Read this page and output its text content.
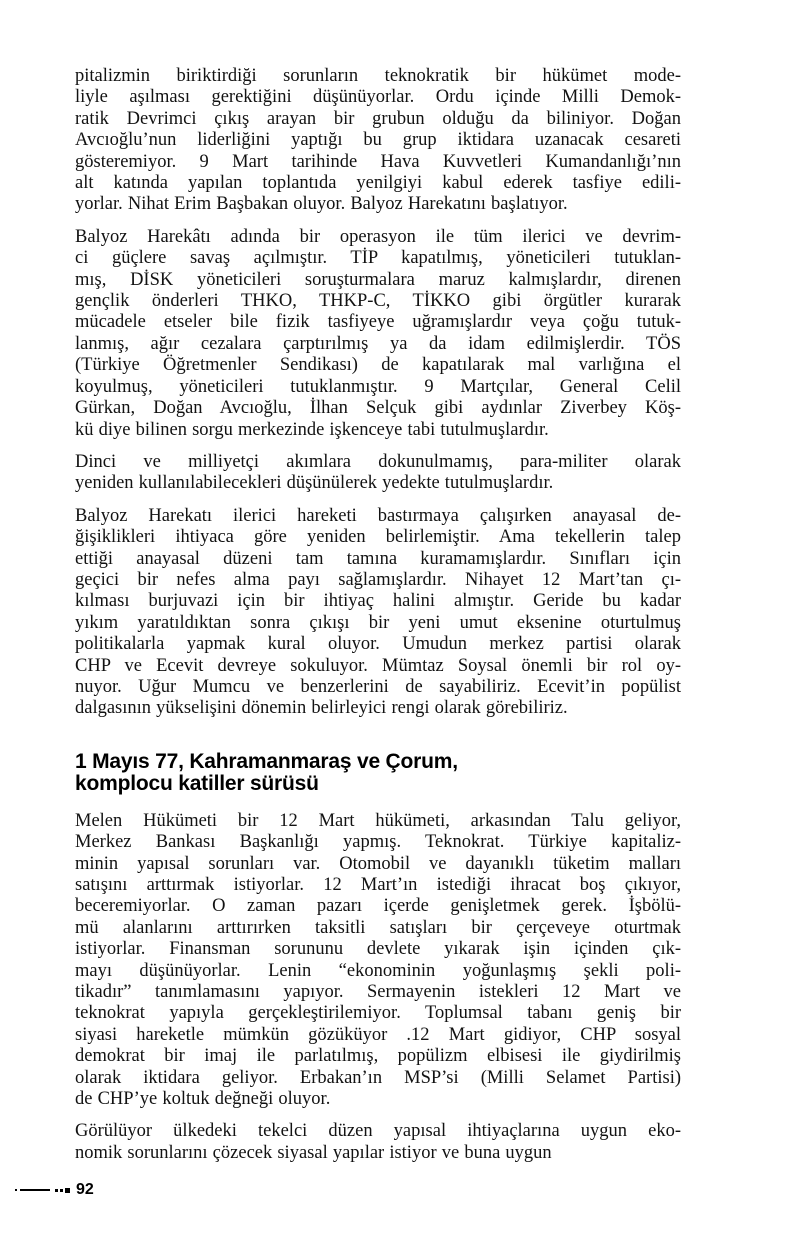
pitalizmin biriktirdiği sorunların teknokratik bir hükümet mode-
liyle aşılması gerektiğini düşünüyorlar. Ordu içinde Milli Demok-
ratik Devrimci çıkış arayan bir grubun olduğu da biliniyor. Doğan
Avcıoğlu’nun liderliğini yaptığı bu grup iktidara uzanacak cesareti
gösteremiyor. 9 Mart tarihinde Hava Kuvvetleri Kumandanlığı’nın
alt katında yapılan toplantıda yenilgiyi kabul ederek tasfiye edili-
yorlar. Nihat Erim Başbakan oluyor. Balyoz Harekatını başlatıyor.
Balyoz Harekâtı adında bir operasyon ile tüm ilerici ve devrim-
ci güçlere savaş açılmıştır. TİP kapatılmış, yöneticileri tutuklan-
mış, DİSK yöneticileri soruşturmalara maruz kalmışlardır, direnen
gençlik önderleri THKO, THKP-C, TİKKO gibi örgütler kurarak
mücadele etseler bile fizik tasfiyeye uğramışlardır veya çoğu tutuk-
lanmış, ağır cezalara çarptırılmış ya da idam edilmişlerdir. TÖS
(Türkiye Öğretmenler Sendikası) de kapatılarak mal varlığına el
koyulmuş, yöneticileri tutuklanmıştır. 9 Martçılar, General Celil
Gürkan, Doğan Avcıoğlu, İlhan Selçuk gibi aydınlar Ziverbey Köş-
kü diye bilinen sorgu merkezinde işkenceye tabi tutulmuşlardır.
Dinci ve milliyetçi akımlara dokunulmamış, para-militer olarak
yeniden kullanılabilecekleri düşünülerek yedekte tutulmuşlardır.
Balyoz Harekatı ilerici hareketi bastırmaya çalışırken anayasal de-
ğişiklikleri ihtiyaca göre yeniden belirlemiştir. Ama tekellerin talep
ettiği anayasal düzeni tam tamına kuramamışlardır. Sınıfları için
geçici bir nefes alma payı sağlamışlardır. Nihayet 12 Mart’tan çı-
kılması burjuvazi için bir ihtiyaç halini almıştır. Geride bu kadar
yıkım yaratıldıktan sonra çıkışı bir yeni umut eksenine oturtulmuş
politikalarla yapmak kural oluyor. Umudun merkez partisi olarak
CHP ve Ecevit devreye sokuluyor. Mümtaz Soysal önemli bir rol oy-
nuyor. Uğur Mumcu ve benzerlerini de sayabiliriz. Ecevit’in popülist
dalgasının yükselişini dönemin belirleyici rengi olarak görebiliriz.
1 Mayıs 77, Kahramanmaraş ve Çorum,
komplocu katiller sürüsü
Melen Hükümeti bir 12 Mart hükümeti, arkasından Talu geliyor,
Merkez Bankası Başkanlığı yapmış. Teknokrat. Türkiye kapitaliz-
minin yapısal sorunları var. Otomobil ve dayanıklı tüketim malları
satışını arttırmak istiyorlar. 12 Mart’ın istediği ihracat boş çıkıyor,
beceremiyorlar. O zaman pazarı içerde genişletmek gerek. İşbölü-
mü alanlarını arttırırken taksitli satışları bir çerçeveye oturtmak
istiyorlar. Finansman sorununu devlete yıkarak işin içinden çık-
mayı düşünüyorlar. Lenin “ekonominin yoğunlaşmış şekli poli-
tikadır” tanımlamasını yapıyor. Sermayenin istekleri 12 Mart ve
teknokrat yapıyla gerçekleştirilemiyor. Toplumsal tabanı geniş bir
siyasi hareketle mümkün gözüküyor .12 Mart gidiyor, CHP sosyal
demokrat bir imaj ile parlatılmış, popülizm elbisesi ile giydirilmiş
olarak iktidara geliyor. Erbakan’ın MSP’si (Milli Selamet Partisi)
de CHP’ye koltuk değneği oluyor.
Görülüyor ülkedeki tekelci düzen yapısal ihtiyaçlarına uygun eko-
nomik sorunlarını çözecek siyasal yapılar istiyor ve buna uygun
92
